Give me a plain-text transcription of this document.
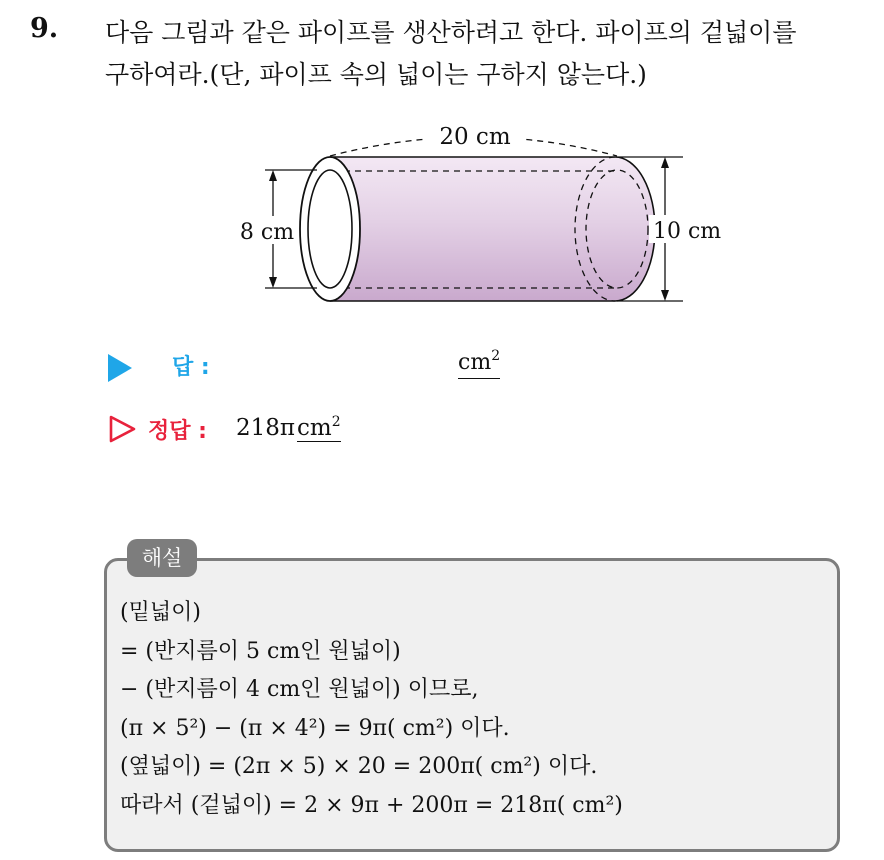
9. 다음 그림과 같은 파이프를 생산하려고 한다. 파이프의 겉넓이를
구하여라.(단, 파이프 속의 넓이는 구하지 않는다.)

20 cm
8 cm	10 cm
답 :	$cm^2$
정답 : 218πcm$^2$
해설
(밑넓이)
= (반지름이 5 cm인 원넓이)
− (반지름이 4 cm인 원넓이) 이므로,
(π × 5²) − (π × 4²) = 9π( cm²) 이다.
(옆넓이) = (2π × 5) × 20 = 200π( cm²) 이다.
따라서 (겉넓이) = 2 × 9π + 200π = 218π( cm²)
